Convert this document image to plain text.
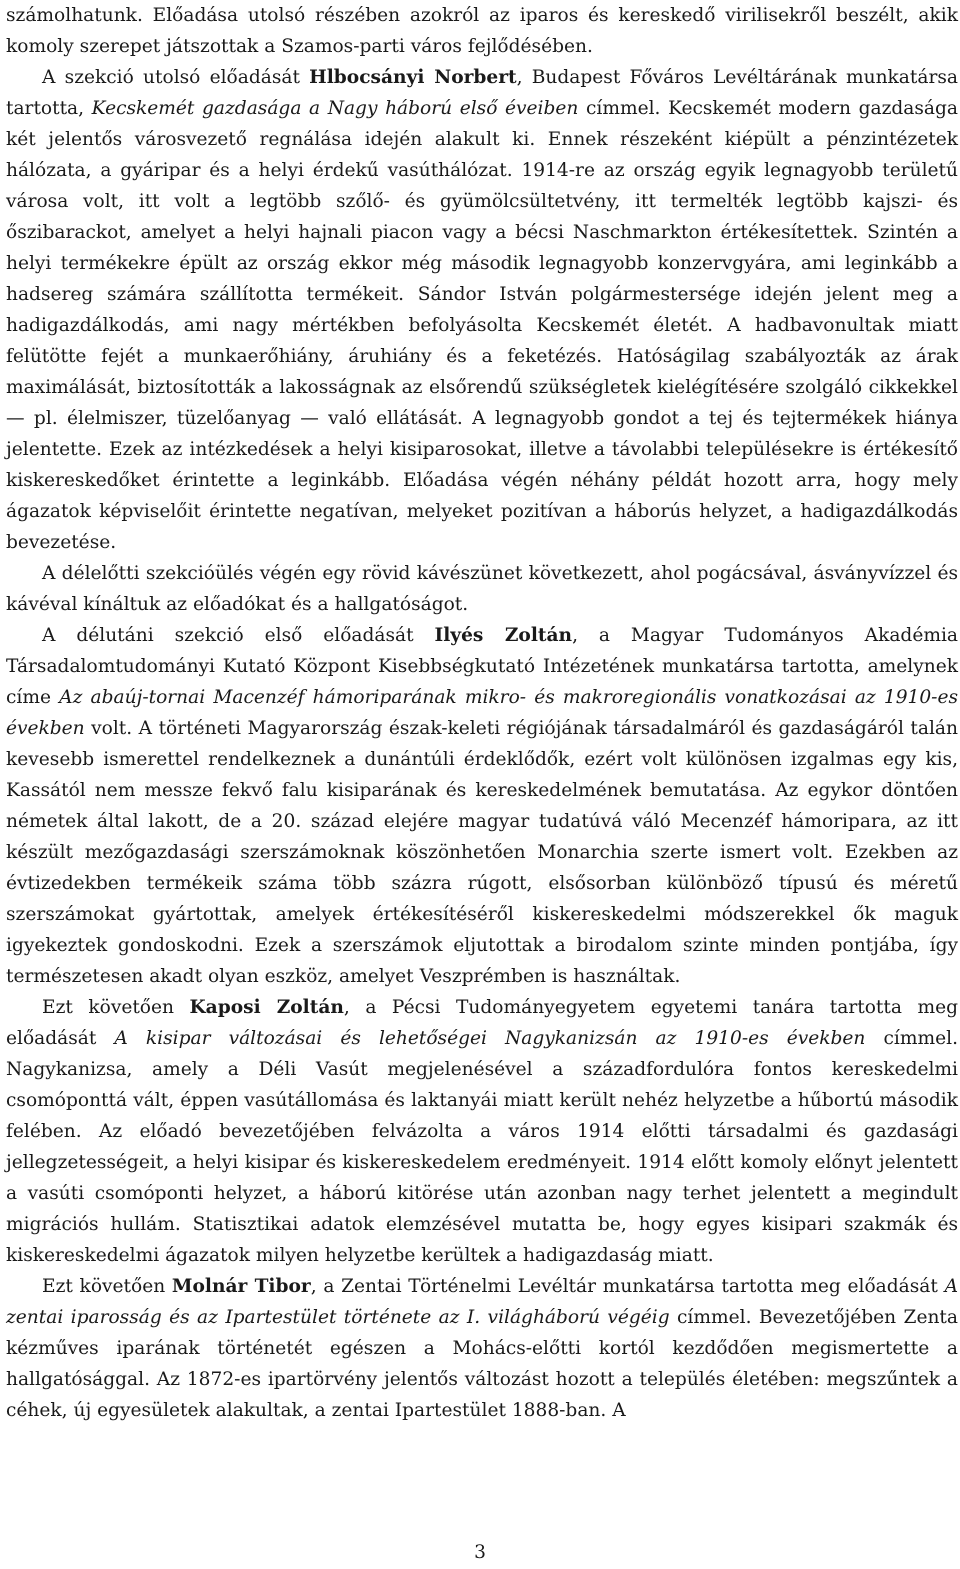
számolhatunk. Előadása utolsó részében azokról az iparos és kereskedő virilisekről beszélt, akik komoly szerepet játszottak a Szamos-parti város fejlődésében.

A szekció utolsó előadását Hlbocsányi Norbert, Budapest Főváros Levéltárának munkatársa tartotta, Kecskemét gazdasága a Nagy háború első éveiben címmel. Kecskemét modern gazdasága két jelentős városvezető regnálása idején alakult ki. Ennek részeként kiépült a pénzintézetek hálózata, a gyáripar és a helyi érdekű vasúthálózat. 1914-re az ország egyik legnagyobb területű városa volt, itt volt a legtöbb szőlő- és gyümölcsültetvény, itt termelték legtöbb kajszi- és őszibarackot, amelyet a helyi hajnali piacon vagy a bécsi Naschmarkton értékesítettek. Szintén a helyi termékekre épült az ország ekkor még második legnagyobb konzervgyára, ami leginkább a hadsereg számára szállította termékeit. Sándor István polgármestersége idején jelent meg a hadigazdálkodás, ami nagy mértékben befolyásolta Kecskemét életét. A hadbavonultak miatt felütötte fejét a munkaerőhiány, áruhiány és a feketézés. Hatóságilag szabályozták az árak maximálását, biztosították a lakosságnak az elsőrendű szükségletek kielégítésére szolgáló cikkekkel — pl. élelmiszer, tüzelőanyag — való ellátását. A legnagyobb gondot a tej és tejtermékek hiánya jelentette. Ezek az intézkedések a helyi kisiparosokat, illetve a távolabbi településekre is értékesítő kiskereskedőket érintette a leginkább. Előadása végén néhány példát hozott arra, hogy mely ágazatok képviselőit érintette negatívan, melyeket pozitívan a háborús helyzet, a hadigazdálkodás bevezetése.

A délelőtti szekcióülés végén egy rövid kávészünet következett, ahol pogácsával, ásványvízzel és kávéval kínáltuk az előadókat és a hallgatóságot.

A délutáni szekció első előadását Ilyés Zoltán, a Magyar Tudományos Akadémia Társadalomtudományi Kutató Központ Kisebbségkutató Intézetének munkatársa tartotta, amelynek címe Az abaúj-tornai Macenzéf hámoriparának mikro- és makroregionális vonatkozásai az 1910-es években volt. A történeti Magyarország észak-keleti régiójának társadalmáról és gazdaságáról talán kevesebb ismerettel rendelkeznek a dunántúli érdeklődők, ezért volt különösen izgalmas egy kis, Kassától nem messze fekvő falu kisiparának és kereskedelmének bemutatása. Az egykor döntően németek által lakott, de a 20. század elejére magyar tudatúvá váló Mecenzéf hámoripara, az itt készült mezőgazdasági szerszámoknak köszönhetően Monarchia szerte ismert volt. Ezekben az évtizedekben termékeik száma több százra rúgott, elsősorban különböző típusú és méretű szerszámokat gyártottak, amelyek értékesítéséről kiskereskedelmi módszerekkel ők maguk igyekeztek gondoskodni. Ezek a szerszámok eljutottak a birodalom szinte minden pontjába, így természetesen akadt olyan eszköz, amelyet Veszprémben is használtak.

Ezt követően Kaposi Zoltán, a Pécsi Tudományegyetem egyetemi tanára tartotta meg előadását A kisipar változásai és lehetőségei Nagykanizsán az 1910-es években címmel. Nagykanizsa, amely a Déli Vasút megjelenésével a századfordulóra fontos kereskedelmi csomóponttá vált, éppen vasútállomása és laktanyái miatt került nehéz helyzetbe a hűbortú második felében. Az előadó bevezetőjében felvázolta a város 1914 előtti társadalmi és gazdasági jellegzetességeit, a helyi kisipar és kiskereskedelem eredményeit. 1914 előtt komoly előnyt jelentett a vasúti csomóponti helyzet, a háború kitörése után azonban nagy terhet jelentett a megindult migrációs hullám. Statisztikai adatok elemzésével mutatta be, hogy egyes kisipari szakmák és kiskereskedelmi ágazatok milyen helyzetbe kerültek a hadigazdaság miatt.

Ezt követően Molnár Tibor, a Zentai Történelmi Levéltár munkatársa tartotta meg előadását A zentai iparosság és az Ipartestület története az I. világháború végéig címmel. Bevezetőjében Zenta kézműves iparának történetét egészen a Mohács-előtti kortól kezdődően megismertette a hallgatósággal. Az 1872-es ipartörvény jelentős változást hozott a település életében: megszűntek a céhek, új egyesületek alakultak, a zentai Ipartestület 1888-ban. A

3
